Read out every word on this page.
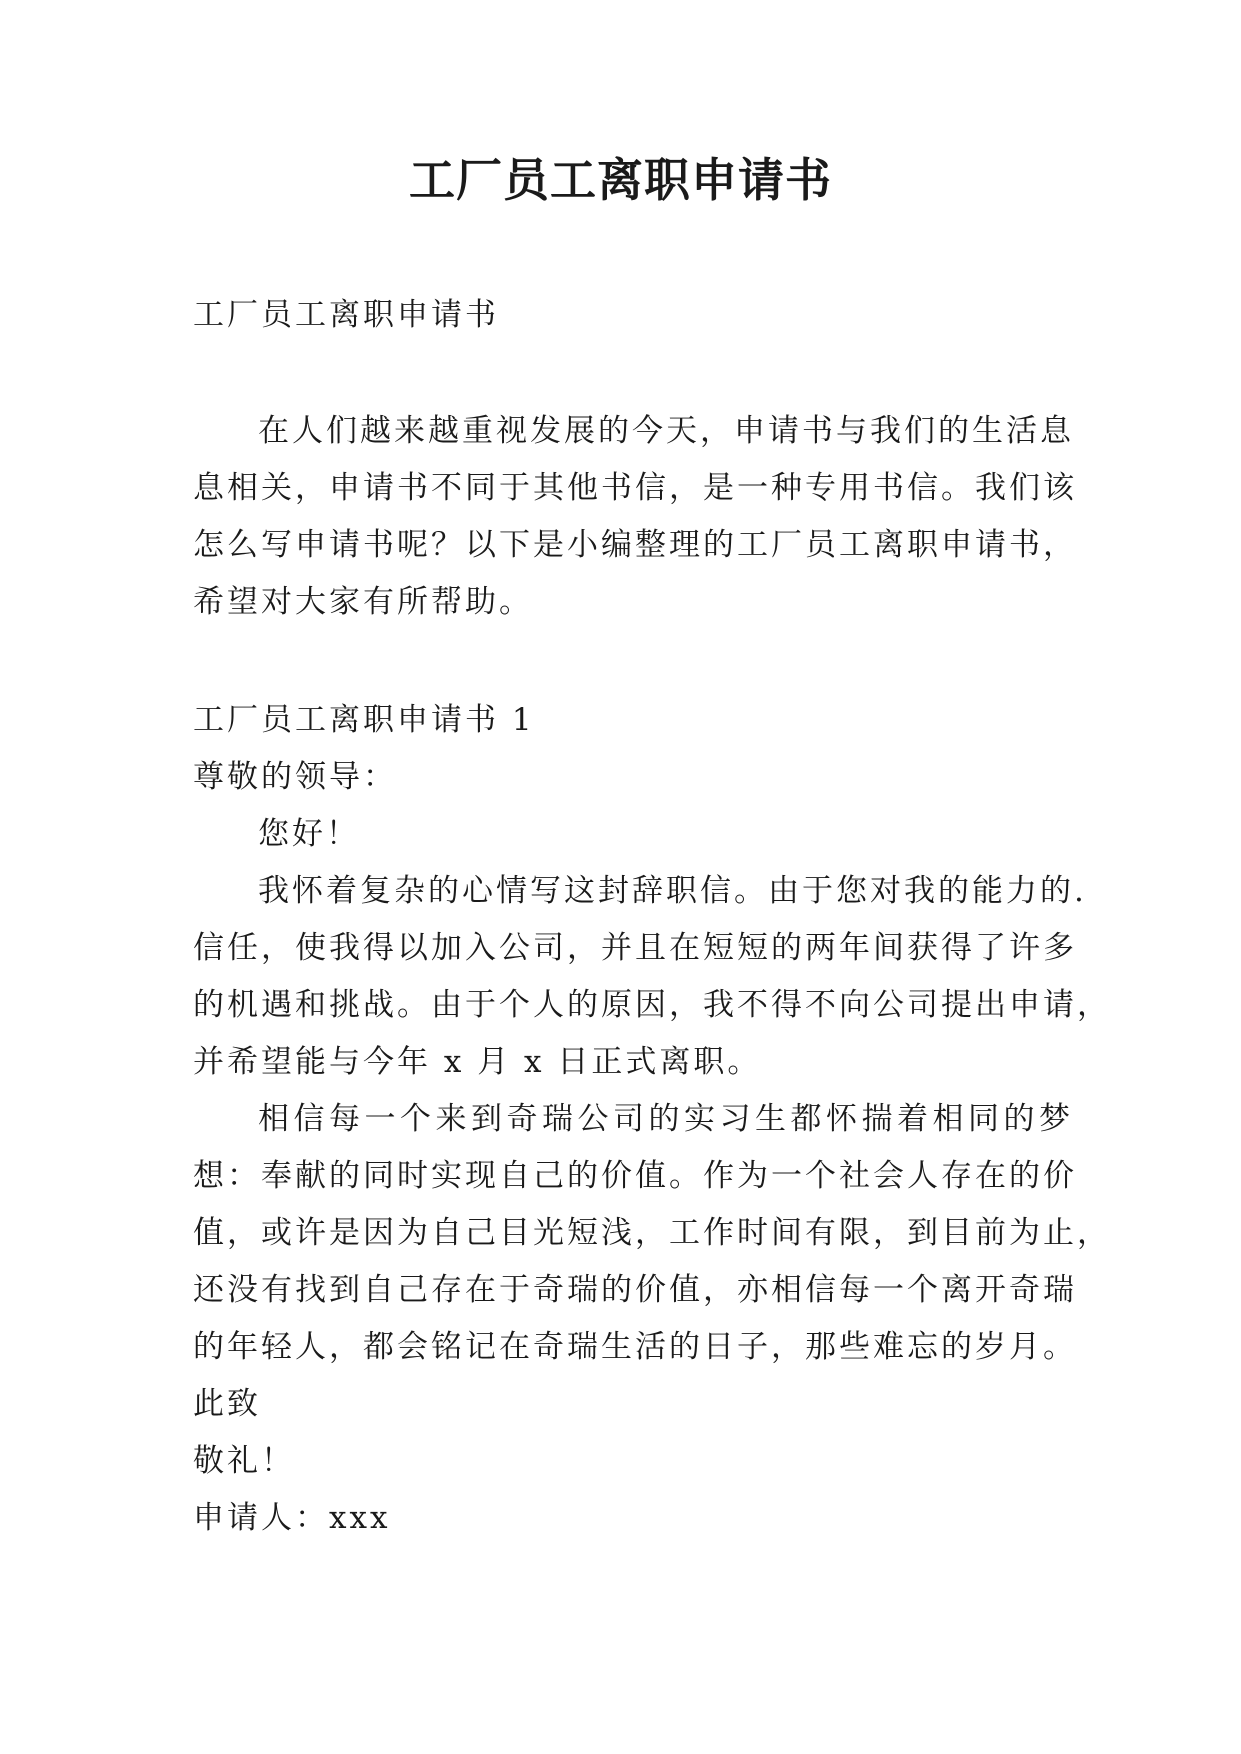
工厂员工离职申请书
工厂员工离职申请书
在人们越来越重视发展的今天，申请书与我们的生活息
息相关，申请书不同于其他书信，是一种专用书信。我们该
怎么写申请书呢？以下是小编整理的工厂员工离职申请书，
希望对大家有所帮助。
工厂员工离职申请书 1
尊敬的领导：
您好！
我怀着复杂的心情写这封辞职信。由于您对我的能力的.
信任，使我得以加入公司，并且在短短的两年间获得了许多
的机遇和挑战。由于个人的原因，我不得不向公司提出申请，
并希望能与今年 x 月 x 日正式离职。
相信每一个来到奇瑞公司的实习生都怀揣着相同的梦
想：奉献的同时实现自己的价值。作为一个社会人存在的价
值，或许是因为自己目光短浅，工作时间有限，到目前为止，
还没有找到自己存在于奇瑞的价值，亦相信每一个离开奇瑞
的年轻人，都会铭记在奇瑞生活的日子，那些难忘的岁月。
此致
敬礼！
申请人：xxx
